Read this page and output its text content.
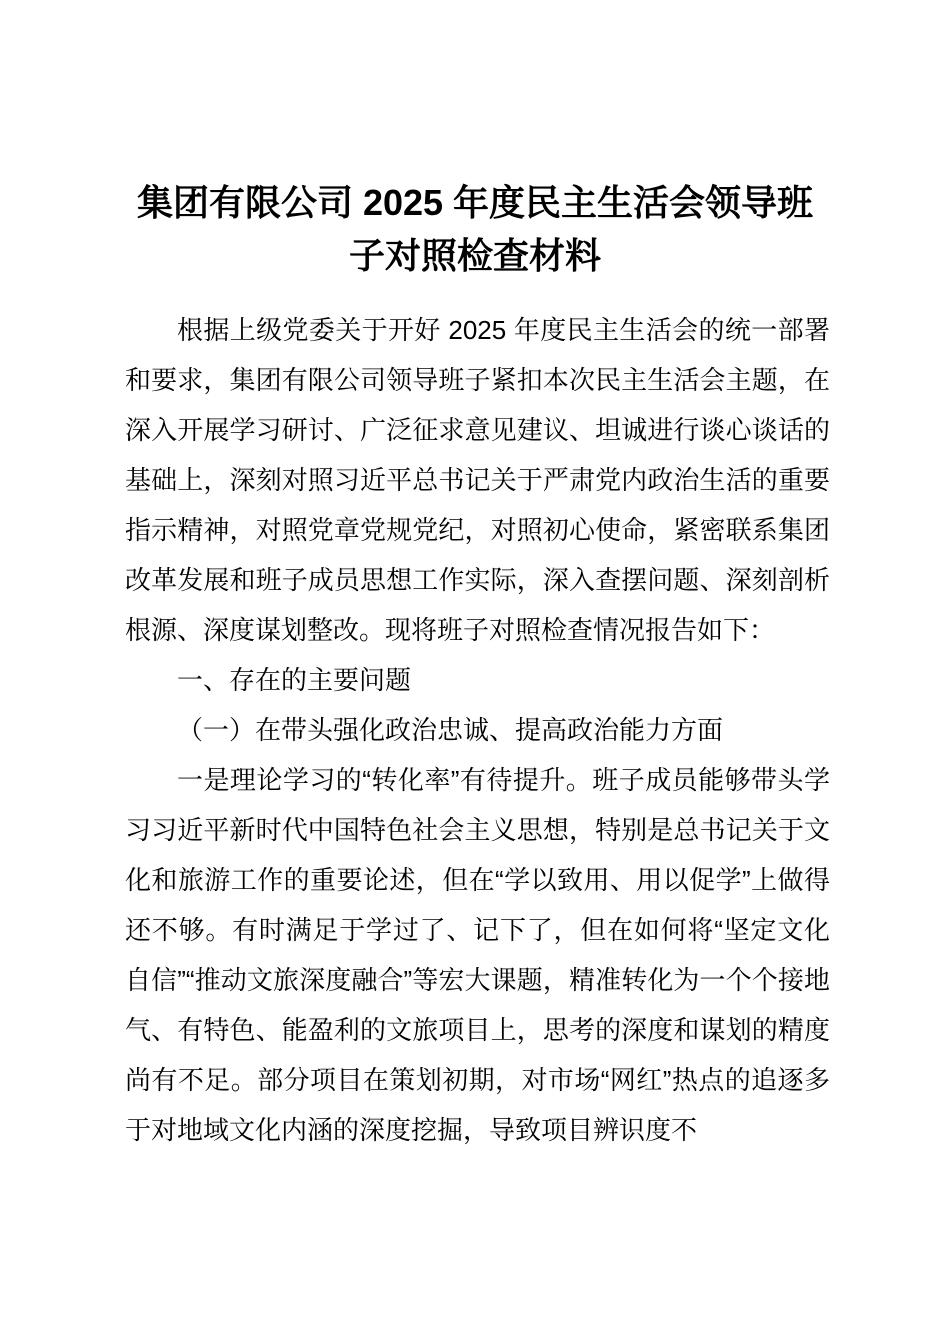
集团有限公司 2025 年度民主生活会领导班子对照检查材料

根据上级党委关于开好 2025 年度民主生活会的统一部署和要求，集团有限公司领导班子紧扣本次民主生活会主题，在深入开展学习研讨、广泛征求意见建议、坦诚进行谈心谈话的基础上，深刻对照习近平总书记关于严肃党内政治生活的重要指示精神，对照党章党规党纪，对照初心使命，紧密联系集团改革发展和班子成员思想工作实际，深入查摆问题、深刻剖析根源、深度谋划整改。现将班子对照检查情况报告如下：

一、存在的主要问题

（一）在带头强化政治忠诚、提高政治能力方面

一是理论学习的“转化率”有待提升。班子成员能够带头学习习近平新时代中国特色社会主义思想，特别是总书记关于文化和旅游工作的重要论述，但在“学以致用、用以促学”上做得还不够。有时满足于学过了、记下了，但在如何将“坚定文化自信”“推动文旅深度融合”等宏大课题，精准转化为一个个接地气、有特色、能盈利的文旅项目上，思考的深度和谋划的精度尚有不足。部分项目在策划初期，对市场“网红”热点的追逐多于对地域文化内涵的深度挖掘，导致项目辨识度不
